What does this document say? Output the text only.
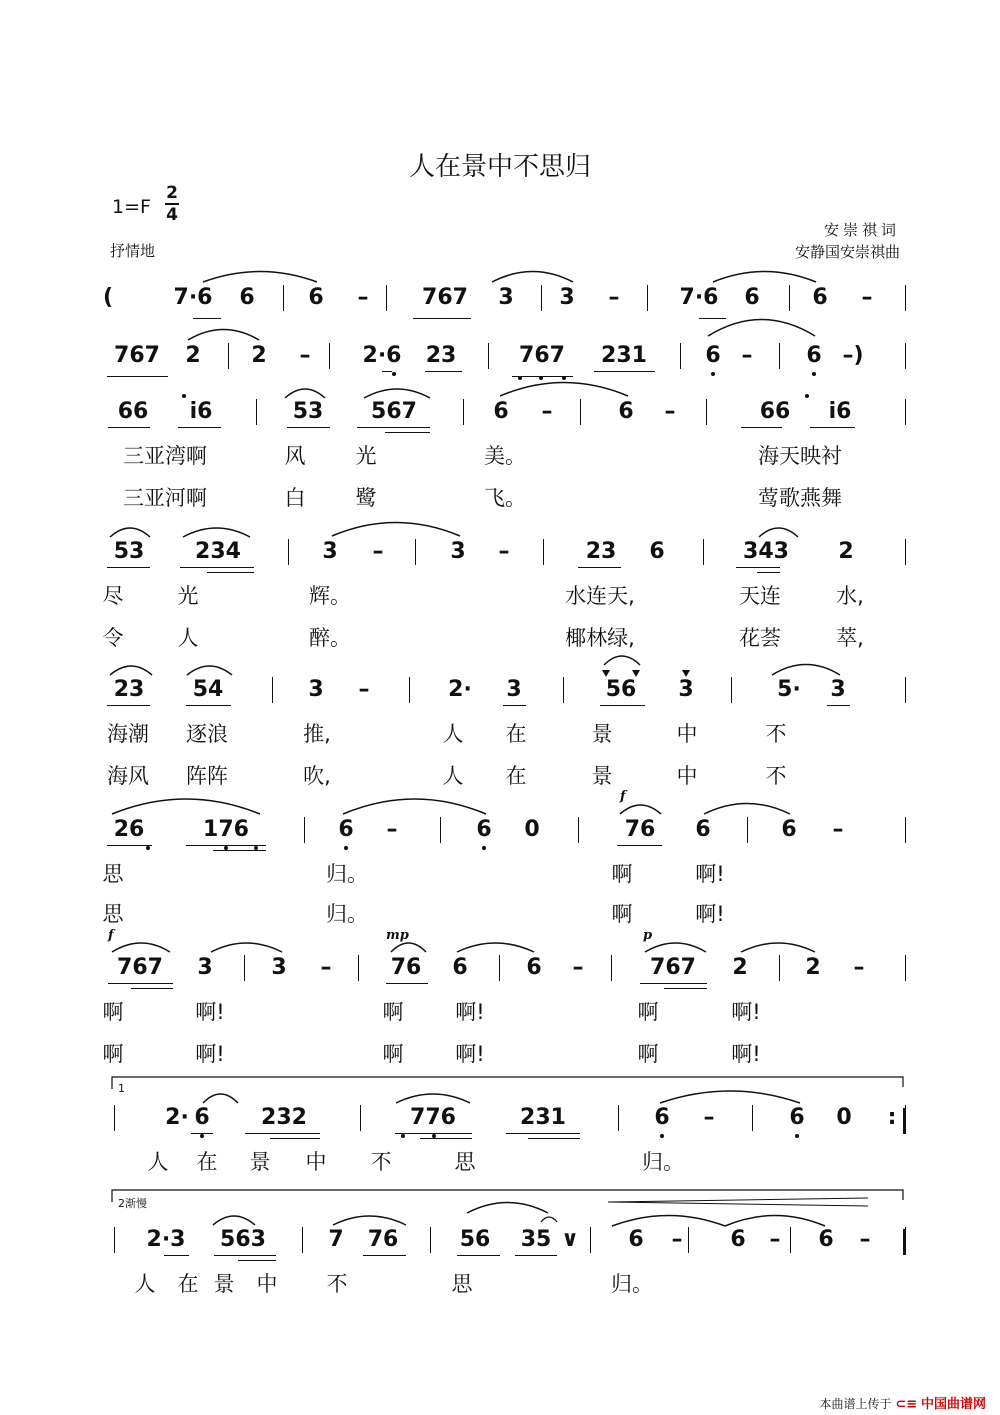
人在景中不思归
1=F
2
4
抒情地
安崇祺词
安静国安崇祺曲
(	7·6 6 6 – 767 3 3 –	7·6 6 6 –
767 2 2 – 2·6 23	767 231	6 – 6 –)
66 i6	53 567	6 –	6 –	66 i6
三亚湾啊	风 光	美。	海天映衬
三亚河啊	白 鹭	飞。	莺歌燕舞
53 234	3 –	3 –	23 6	343 2
尽	光	辉。	水连天,	天连	水,
令	人	醉。	椰林绿,	花荟	萃,
23 54	3 –	2· 3	56 3	5· 3
海潮 逐浪	推,	人 在	景	中	不
海风 阵阵	吹,	人 在	景	中	不
26	176	6 –	6 0	76 6	6 –
思	归。	啊	啊!
思	归。	啊	啊!
767 3	3 –	76 6	6 –	767 2	2 –
啊	啊!	啊 啊!	啊	啊!
啊	啊!	啊 啊!	啊	啊!
2· 6 232	776	231	6 –	6 0 :
人 在 景 中 不	思	归。
2·3 563	7 76	56 35 ∨ 6 – 6 – 6 –
人 在 景 中 不	思	归。
f
f	mp	p
1
2渐慢
本曲谱上传于 ⊂≡ 中国曲谱网
